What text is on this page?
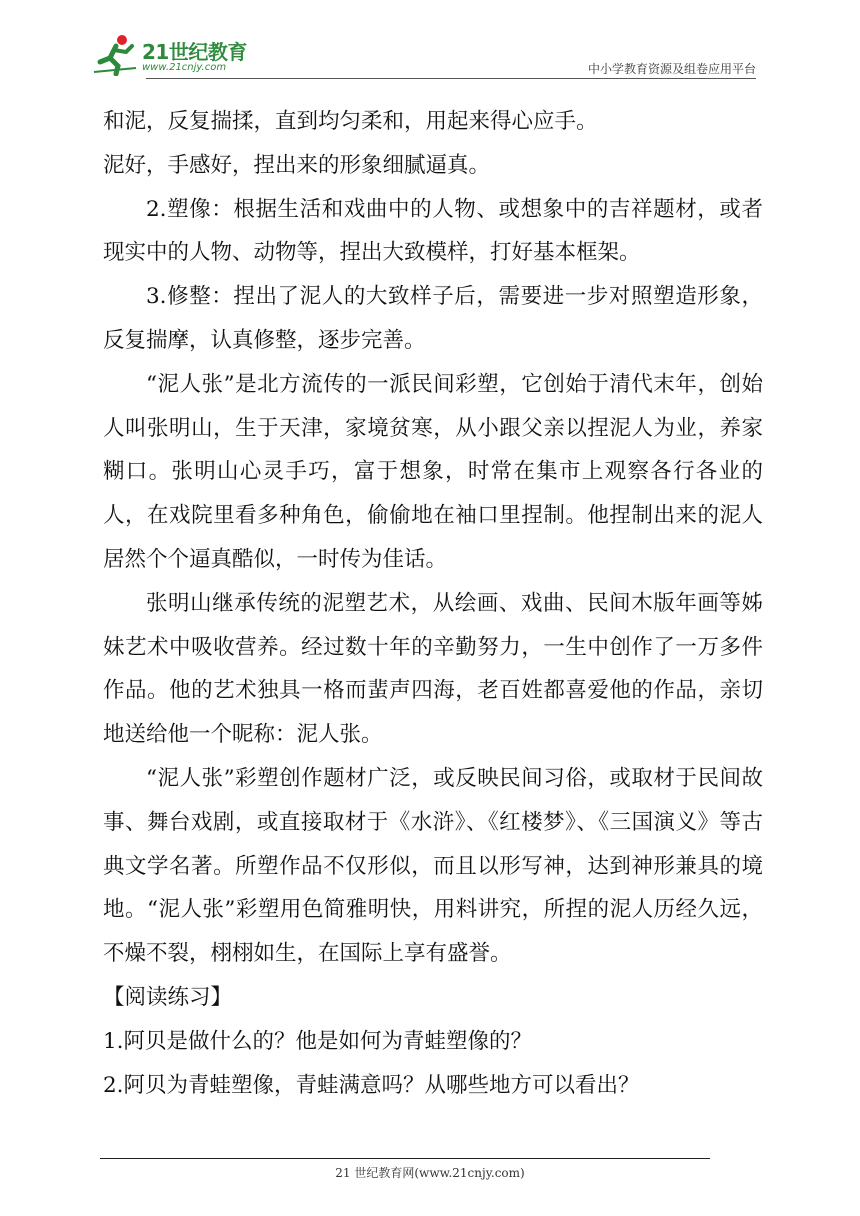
21世纪教育
www.21cnjy.com	中小学教育资源及组卷应用平台

和泥，反复揣揉，直到均匀柔和，用起来得心应手。

泥好，手感好，捏出来的形象细腻逼真。

2.塑像：根据生活和戏曲中的人物、或想象中的吉祥题材，或者现实中的人物、动物等，捏出大致模样，打好基本框架。

3.修整：捏出了泥人的大致样子后，需要进一步对照塑造形象，反复揣摩，认真修整，逐步完善。

“泥人张”是北方流传的一派民间彩塑，它创始于清代末年，创始人叫张明山，生于天津，家境贫寒，从小跟父亲以捏泥人为业，养家糊口。张明山心灵手巧，富于想象，时常在集市上观察各行各业的人，在戏院里看多种角色，偷偷地在袖口里捏制。他捏制出来的泥人居然个个逼真酷似，一时传为佳话。

张明山继承传统的泥塑艺术，从绘画、戏曲、民间木版年画等姊妹艺术中吸收营养。经过数十年的辛勤努力，一生中创作了一万多件作品。他的艺术独具一格而蜚声四海，老百姓都喜爱他的作品，亲切地送给他一个昵称：泥人张。

“泥人张”彩塑创作题材广泛，或反映民间习俗，或取材于民间故事、舞台戏剧，或直接取材于《水浒》、《红楼梦》、《三国演义》等古典文学名著。所塑作品不仅形似，而且以形写神，达到神形兼具的境地。“泥人张”彩塑用色简雅明快，用料讲究，所捏的泥人历经久远，不燥不裂，栩栩如生，在国际上享有盛誉。

【阅读练习】

1.阿贝是做什么的？他是如何为青蛙塑像的？

2.阿贝为青蛙塑像，青蛙满意吗？从哪些地方可以看出？

21 世纪教育网(www.21cnjy.com)
